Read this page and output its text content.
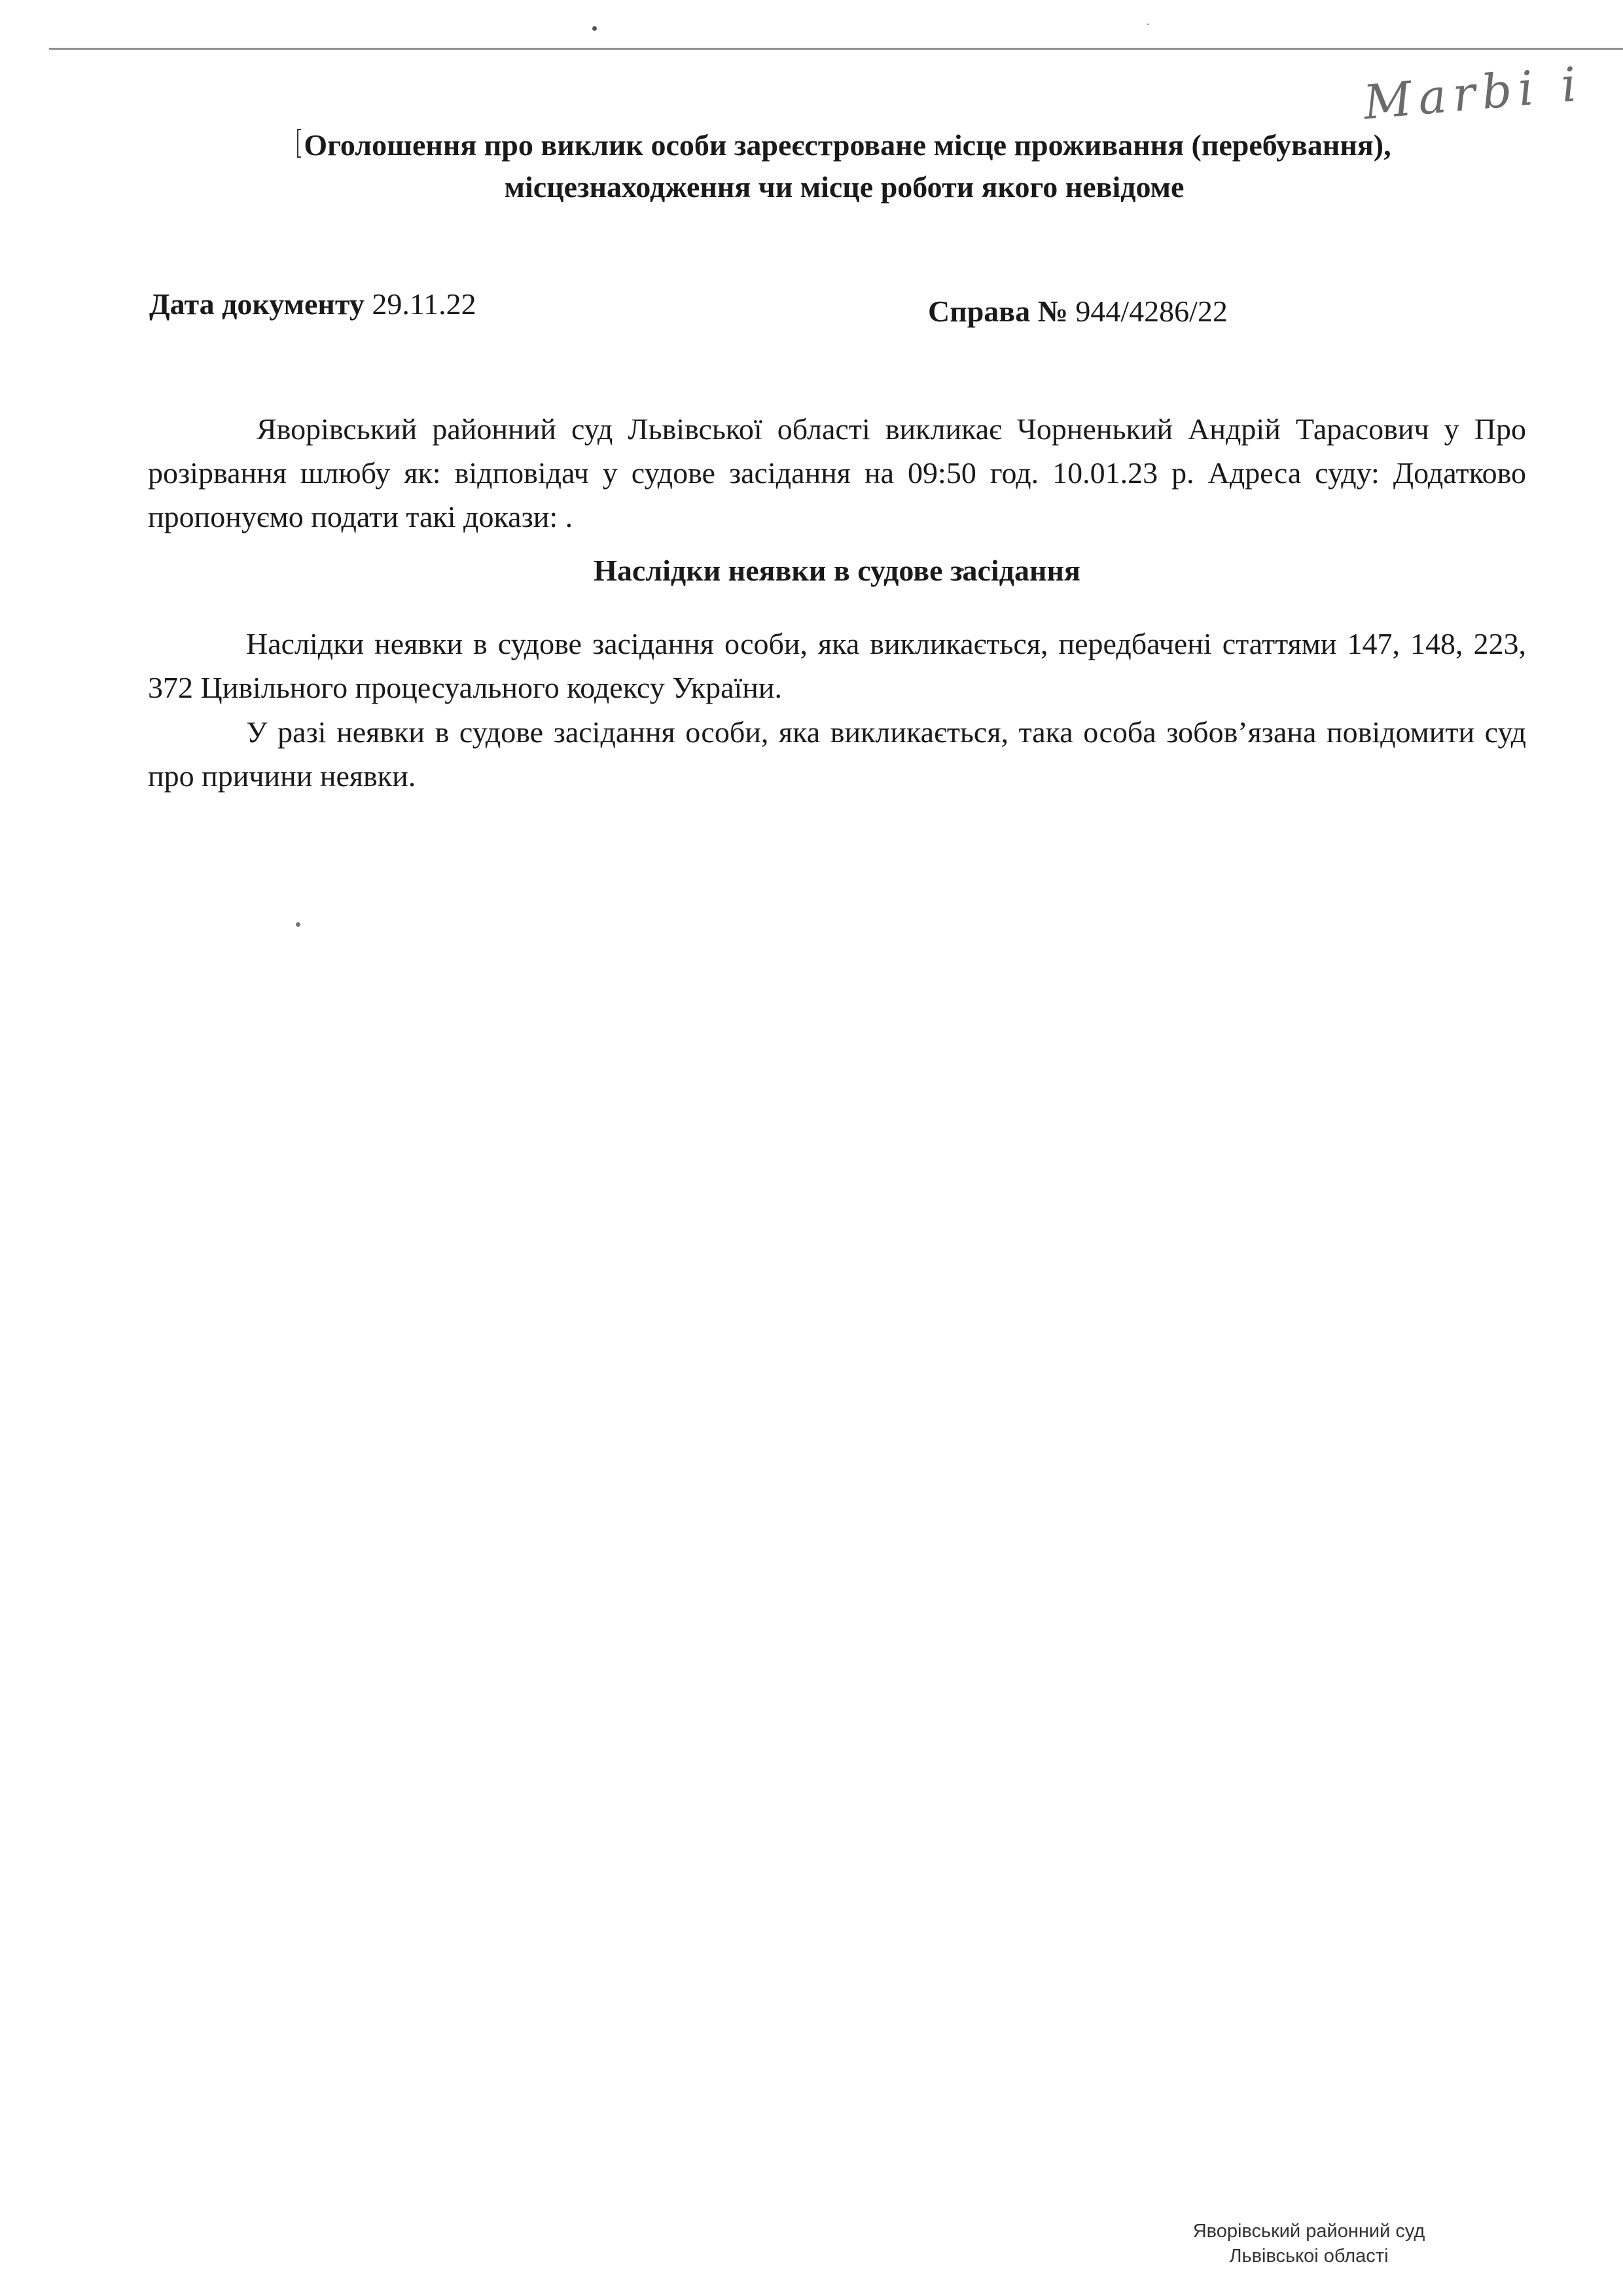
Marbi i
Оголошення про виклик особи зареєстроване місце проживання (перебування),
місцезнаходження чи місце роботи якого невідоме
Дата документу 29.11.22	Справа № 944/4286/22
Яворівський районний суд Львівської області викликає Чорненький Андрій Тарасович у Про розірвання шлюбу як: відповідач у судове засідання на 09:50 год. 10.01.23 р. Адреса суду: Додатково пропонуємо подати такі докази: .
Наслідки неявки в судове засідання
Наслідки неявки в судове засідання особи, яка викликається, передбачені статтями 147, 148, 223, 372 Цивільного процесуального кодексу України.
У разі неявки в судове засідання особи, яка викликається, така особа зобов’язана повідомити суд про причини неявки.
Яворівський районний суд
Львівськоі області
